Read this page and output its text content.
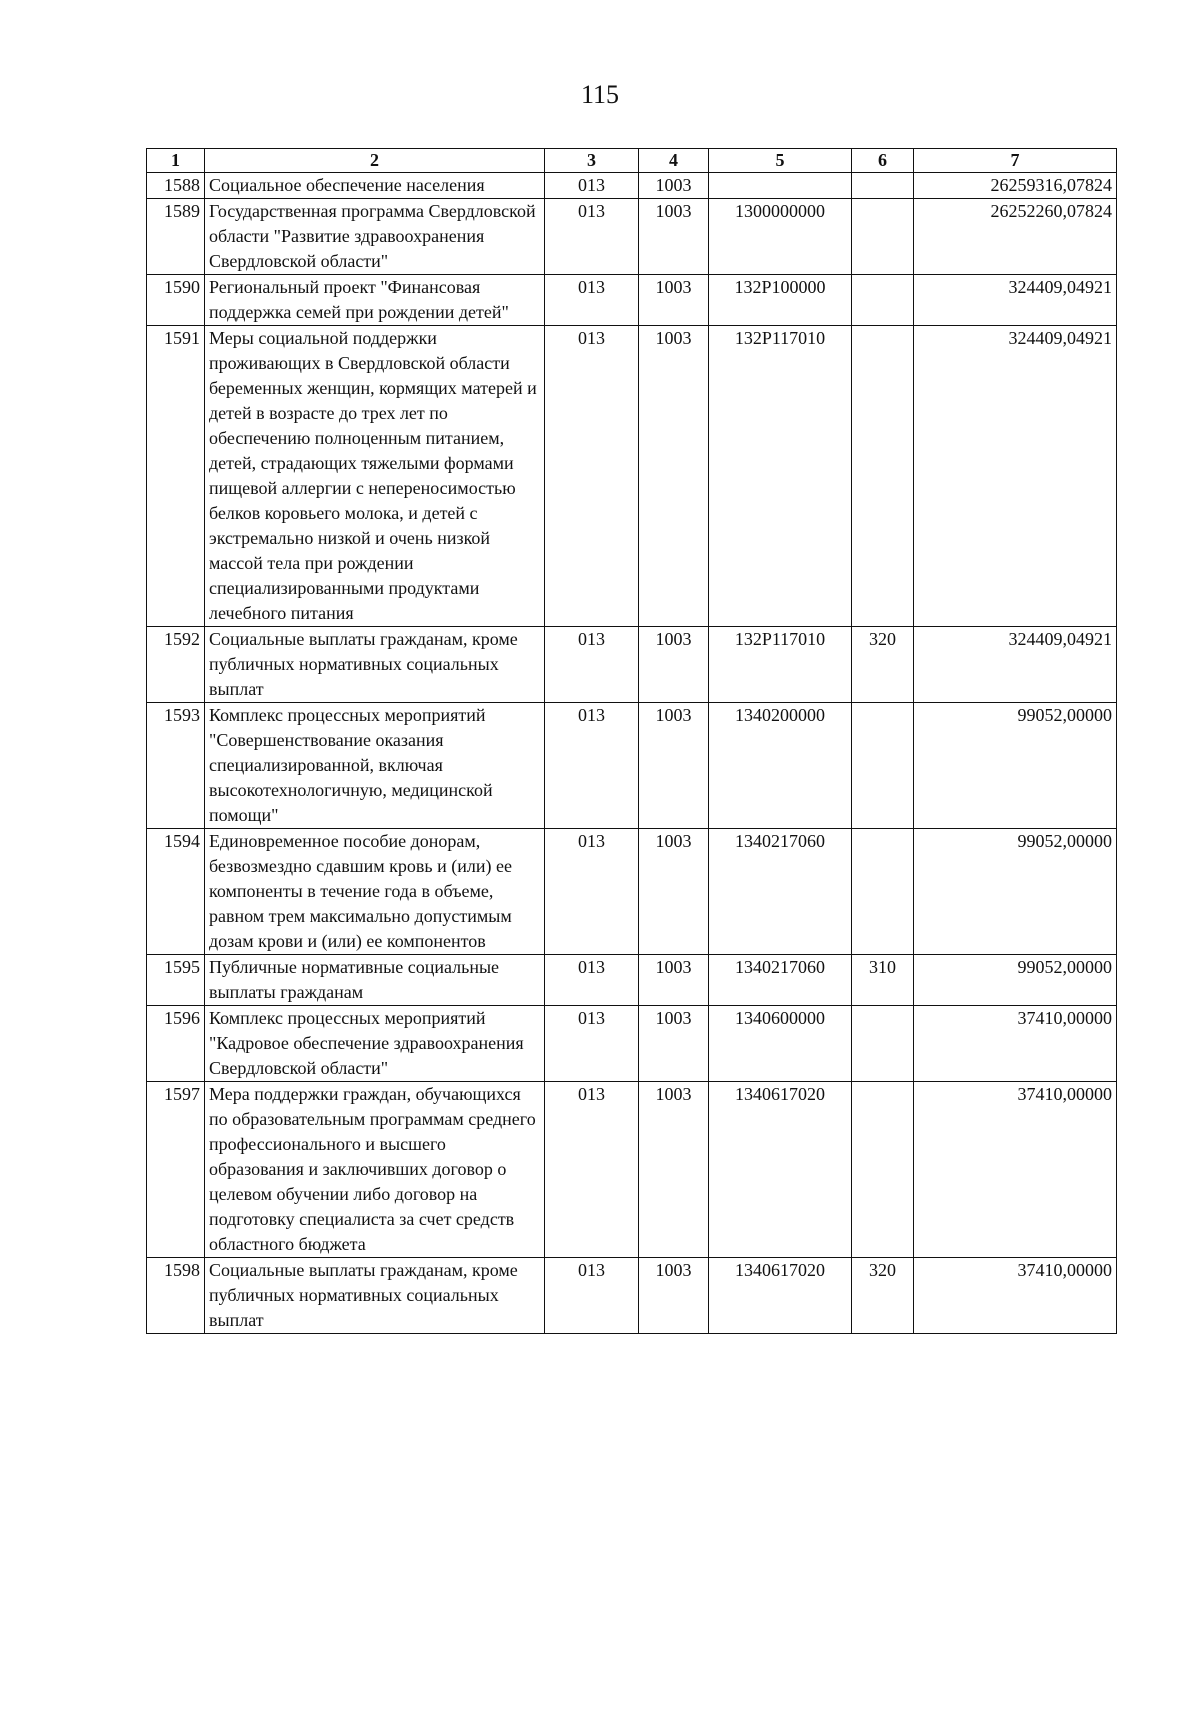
115
1	2	3	4	5	6	7
1588	Социальное обеспечение населения	013	1003			26259316,07824
1589	Государственная программа Свердловской области "Развитие здравоохранения Свердловской области"	013	1003	1300000000		26252260,07824
1590	Региональный проект "Финансовая поддержка семей при рождении детей"	013	1003	132P100000		324409,04921
1591	Меры социальной поддержки проживающих в Свердловской области беременных женщин, кормящих матерей и детей в возрасте до трех лет по обеспечению полноценным питанием, детей, страдающих тяжелыми формами пищевой аллергии с непереносимостью белков коровьего молока, и детей с экстремально низкой и очень низкой массой тела при рождении специализированными продуктами лечебного питания	013	1003	132P117010		324409,04921
1592	Социальные выплаты гражданам, кроме публичных нормативных социальных выплат	013	1003	132P117010	320	324409,04921
1593	Комплекс процессных мероприятий "Совершенствование оказания специализированной, включая высокотехнологичную, медицинской помощи"	013	1003	1340200000		99052,00000
1594	Единовременное пособие донорам, безвозмездно сдавшим кровь и (или) ее компоненты в течение года в объеме, равном трем максимально допустимым дозам крови и (или) ее компонентов	013	1003	1340217060		99052,00000
1595	Публичные нормативные социальные выплаты гражданам	013	1003	1340217060	310	99052,00000
1596	Комплекс процессных мероприятий "Кадровое обеспечение здравоохранения Свердловской области"	013	1003	1340600000		37410,00000
1597	Мера поддержки граждан, обучающихся по образовательным программам среднего профессионального и высшего образования и заключивших договор о целевом обучении либо договор на подготовку специалиста за счет средств областного бюджета	013	1003	1340617020		37410,00000
1598	Социальные выплаты гражданам, кроме публичных нормативных социальных выплат	013	1003	1340617020	320	37410,00000
